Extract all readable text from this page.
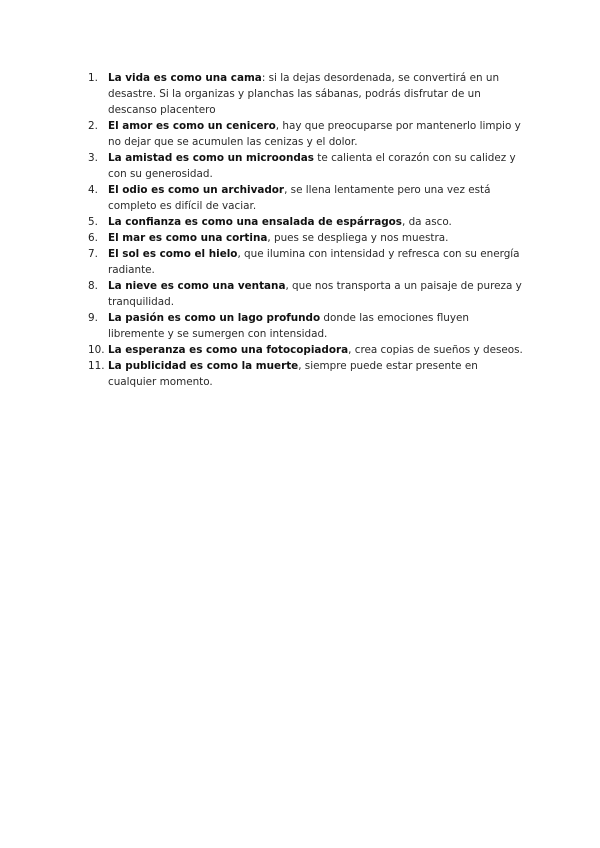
1. La vida es como una cama: si la dejas desordenada, se convertirá en un desastre. Si la organizas y planchas las sábanas, podrás disfrutar de un descanso placentero
2. El amor es como un cenicero, hay que preocuparse por mantenerlo limpio y no dejar que se acumulen las cenizas y el dolor.
3. La amistad es como un microondas te calienta el corazón con su calidez y con su generosidad.
4. El odio es como un archivador, se llena lentamente pero una vez está completo es difícil de vaciar.
5. La confianza es como una ensalada de espárragos, da asco.
6. El mar es como una cortina, pues se despliega y nos muestra.
7. El sol es como el hielo, que ilumina con intensidad y refresca con su energía radiante.
8. La nieve es como una ventana, que nos transporta a un paisaje de pureza y tranquilidad.
9. La pasión es como un lago profundo donde las emociones fluyen libremente y se sumergen con intensidad.
10. La esperanza es como una fotocopiadora, crea copias de sueños y deseos.
11. La publicidad es como la muerte, siempre puede estar presente en cualquier momento.
